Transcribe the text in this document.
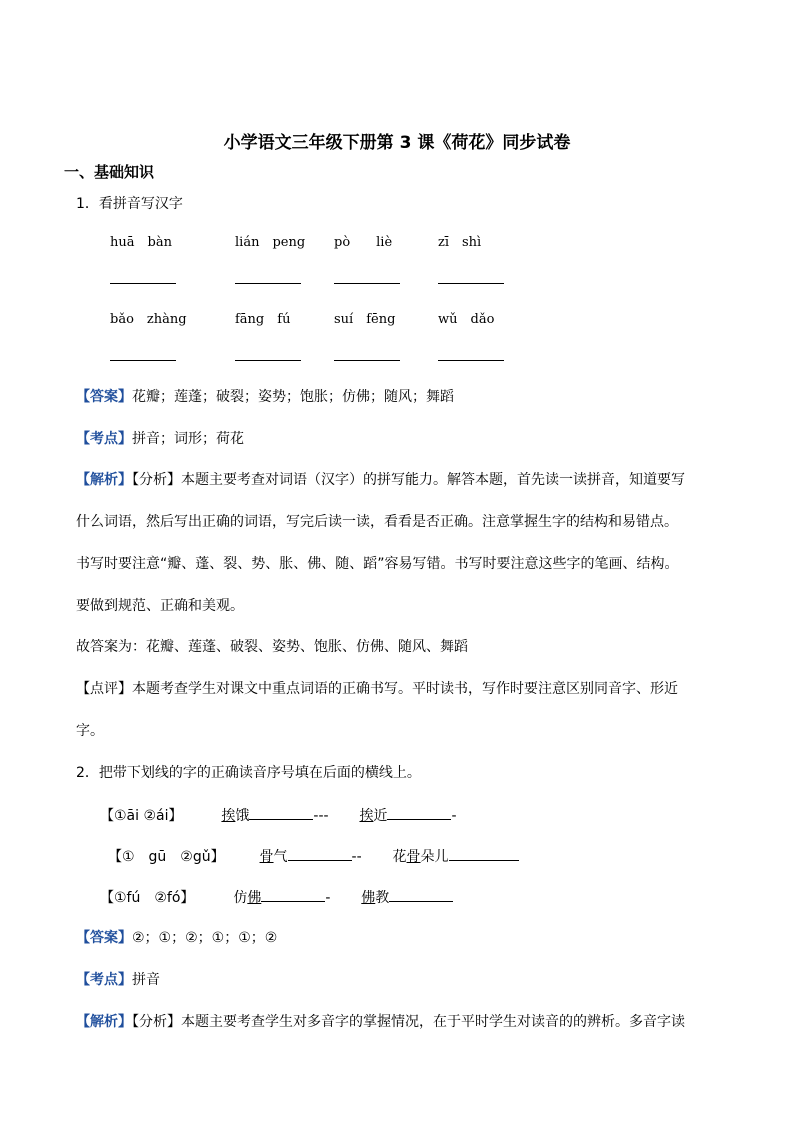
小学语文三年级下册第 3 课《荷花》同步试卷
一、基础知识
1．看拼音写汉字
huā　bàn	lián　peng pò　　liè	zī　shì
bǎo　zhàng	fāng　fú	suí　fēng	wǔ　dǎo
【答案】花瓣；莲蓬；破裂；姿势；饱胀；仿佛；随风；舞蹈
【考点】拼音；词形；荷花
【解析】【分析】本题主要考查对词语（汉字）的拼写能力。解答本题，首先读一读拼音，知道要写
什么词语，然后写出正确的词语，写完后读一读，看看是否正确。注意掌握生字的结构和易错点。
书写时要注意“瓣、蓬、裂、势、胀、佛、随、蹈”容易写错。书写时要注意这些字的笔画、结构。
要做到规范、正确和美观。
故答案为：花瓣、莲蓬、破裂、姿势、饱胀、仿佛、随风、舞蹈
【点评】本题考查学生对课文中重点词语的正确书写。平时读书，写作时要注意区别同音字、形近
字。
2．把带下划线的字的正确读音序号填在后面的横线上。
【①āi ②ái】	挨饿	--- 挨近	-
【①　gū　②gǔ】 骨气	-- 花骨朵儿
【①fú　②fó】	仿佛	- 佛教
【答案】②；①；②；①；①；②
【考点】拼音
【解析】【分析】本题主要考查学生对多音字的掌握情况，在于平时学生对读音的的辨析。多音字读
